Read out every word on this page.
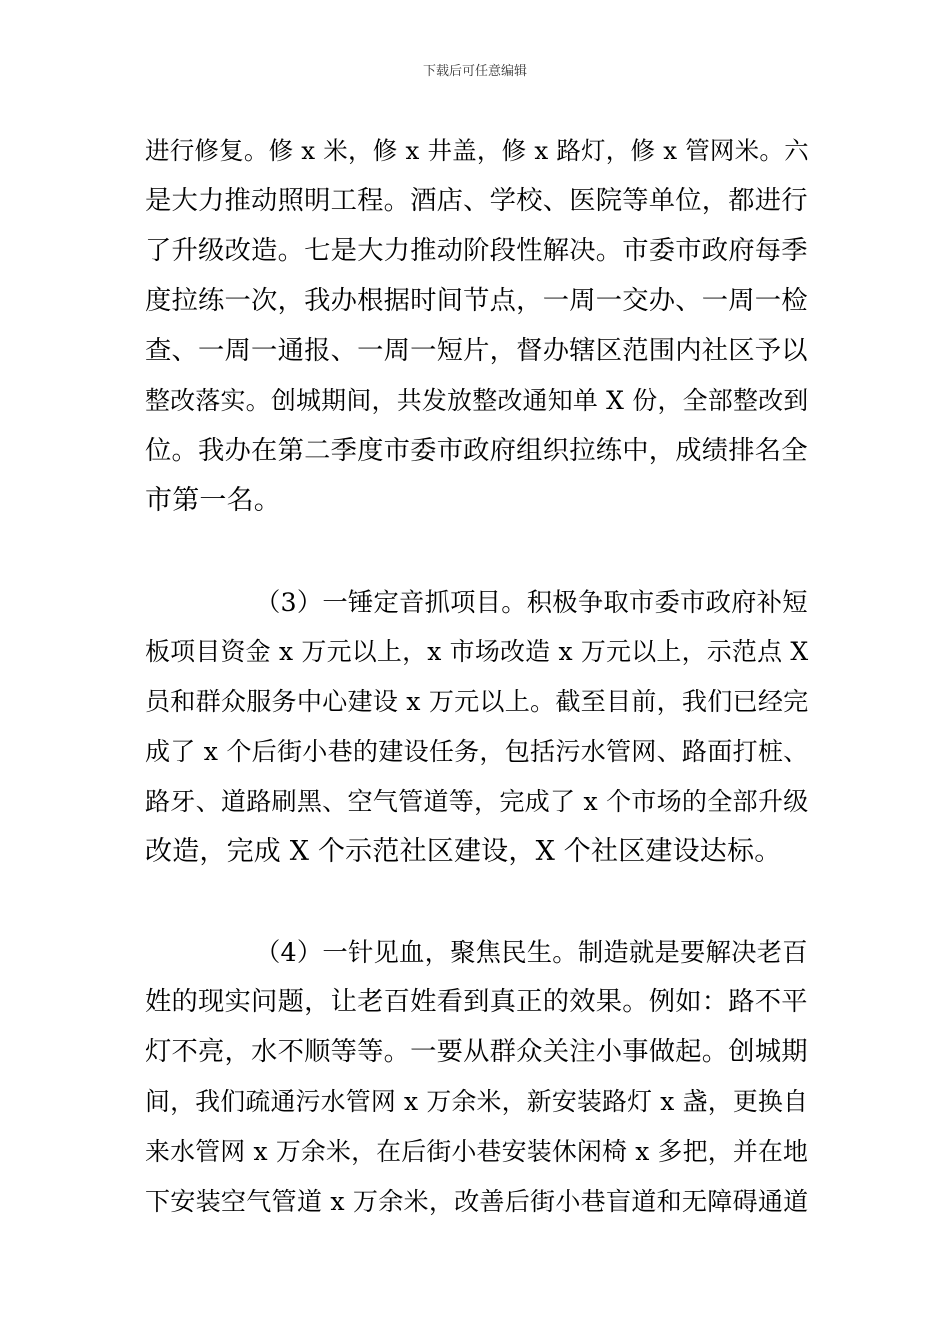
下载后可任意编辑
进行修复。修 x 米，修 x 井盖，修 x 路灯，修 x 管网米。六
是大力推动照明工程。酒店、学校、医院等单位，都进行
了升级改造。七是大力推动阶段性解决。市委市政府每季
度拉练一次，我办根据时间节点，一周一交办、一周一检
查、一周一通报、一周一短片，督办辖区范围内社区予以
整改落实。创城期间，共发放整改通知单 X 份，全部整改到
位。我办在第二季度市委市政府组织拉练中，成绩排名全
市第一名。
（3）一锤定音抓项目。积极争取市委市政府补短
板项目资金 x 万元以上，x 市场改造 x 万元以上，示范点 X
员和群众服务中心建设 x 万元以上。截至目前，我们已经完
成了 x 个后街小巷的建设任务，包括污水管网、路面打桩、
路牙、道路刷黑、空气管道等，完成了 x 个市场的全部升级
改造，完成 X 个示范社区建设，X 个社区建设达标。
（4）一针见血，聚焦民生。制造就是要解决老百
姓的现实问题，让老百姓看到真正的效果。例如：路不平
灯不亮，水不顺等等。一要从群众关注小事做起。创城期
间，我们疏通污水管网 x 万余米，新安装路灯 x 盏，更换自
来水管网 x 万余米，在后街小巷安装休闲椅 x 多把，并在地
下安装空气管道 x 万余米，改善后街小巷盲道和无障碍通道
